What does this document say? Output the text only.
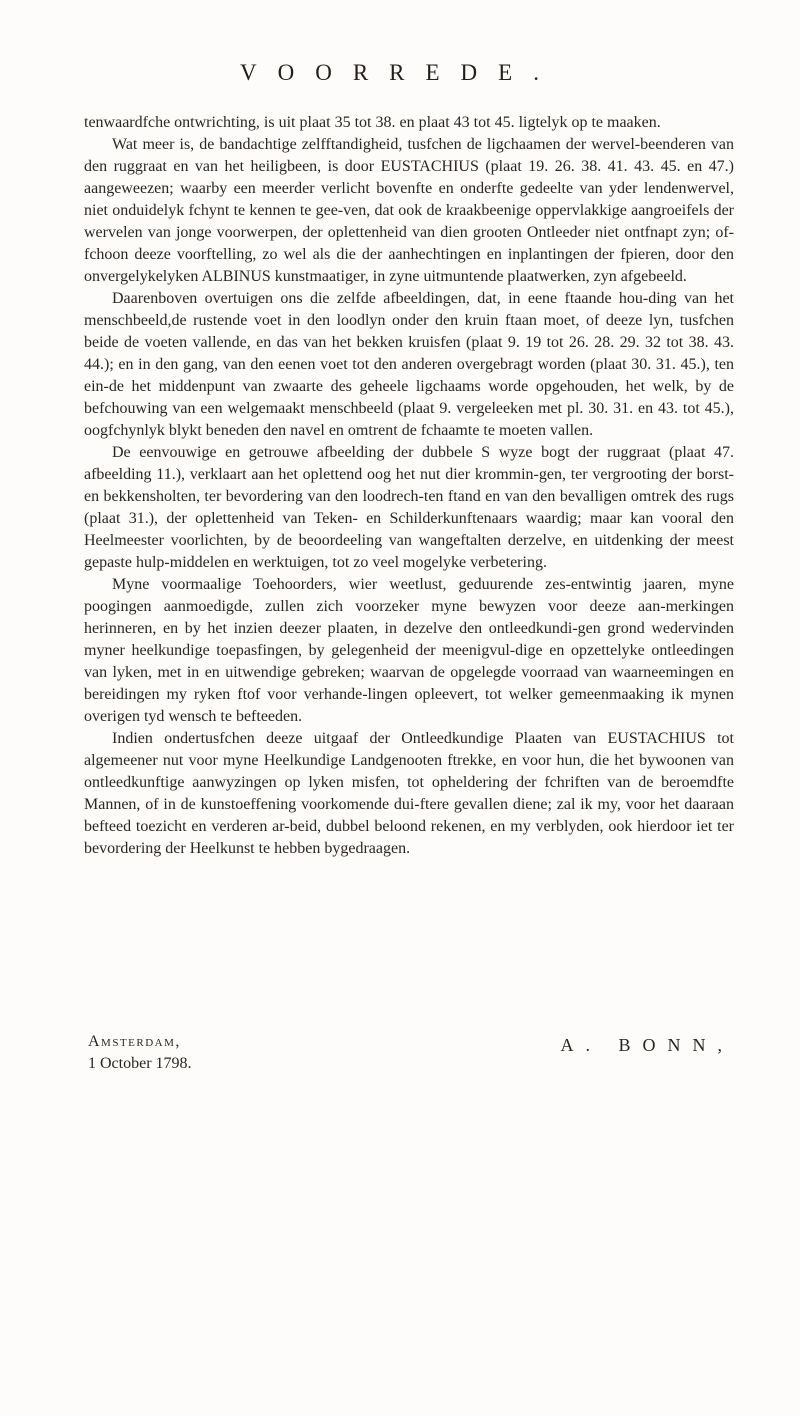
VOORREDE.

tenwaardfche ontwrichting, is uit plaat 35 tot 38. en plaat 43 tot 45. ligtelyk op te maaken.

Wat meer is, de bandachtige zelfftandigheid, tusfchen de ligchaamen der wervel-beenderen van den ruggraat en van het heiligbeen, is door EUSTACHIUS (plaat 19. 26. 38. 41. 43. 45. en 47.) aangeweezen; waarby een meerder verlicht bovenfte en onderfte gedeelte van yder lendenwervel, niet onduidelyk fchynt te kennen te gee-ven, dat ook de kraakbeenige oppervlakkige aangroeifels der wervelen van jonge voorwerpen, der oplettenheid van dien grooten Ontleeder niet ontfnapt zyn; of-fchoon deeze voorftelling, zo wel als die der aanhechtingen en inplantingen der fpieren, door den onvergelykelyken ALBINUS kunstmaatiger, in zyne uitmuntende plaatwerken, zyn afgebeeld.

Daarenboven overtuigen ons die zelfde afbeeldingen, dat, in eene ftaande hou-ding van het menschbeeld,de rustende voet in den loodlyn onder den kruin ftaan moet, of deeze lyn, tusfchen beide de voeten vallende, en das van het bekken kruisfen (plaat 9. 19 tot 26. 28. 29. 32 tot 38. 43. 44.); en in den gang, van den eenen voet tot den anderen overgebragt worden (plaat 30. 31. 45.), ten ein-de het middenpunt van zwaarte des geheele ligchaams worde opgehouden, het welk, by de befchouwing van een welgemaakt menschbeeld (plaat 9. vergeleeken met pl. 30. 31. en 43. tot 45.), oogfchynlyk blykt beneden den navel en omtrent de fchaamte te moeten vallen.

De eenvouwige en getrouwe afbeelding der dubbele S wyze bogt der ruggraat (plaat 47. afbeelding 11.), verklaart aan het oplettend oog het nut dier krommin-gen, ter vergrooting der borst- en bekkensholten, ter bevordering van den loodrech-ten ftand en van den bevalligen omtrek des rugs (plaat 31.), der oplettenheid van Teken- en Schilderkunftenaars waardig; maar kan vooral den Heelmeester voorlichten, by de beoordeeling van wangeftalten derzelve, en uitdenking der meest gepaste hulp-middelen en werktuigen, tot zo veel mogelyke verbetering.

Myne voormaalige Toehoorders, wier weetlust, geduurende zes-entwintig jaaren, myne poogingen aanmoedigde, zullen zich voorzeker myne bewyzen voor deeze aan-merkingen herinneren, en by het inzien deezer plaaten, in dezelve den ontleedkundi-gen grond wedervinden myner heelkundige toepasfingen, by gelegenheid der meenigvul-dige en opzettelyke ontleedingen van lyken, met in en uitwendige gebreken; waarvan de opgelegde voorraad van waarneemingen en bereidingen my ryken ftof voor verhande-lingen opleevert, tot welker gemeenmaaking ik mynen overigen tyd wensch te befteeden.

Indien ondertusfchen deeze uitgaaf der Ontleedkundige Plaaten van EUSTACHIUS tot algemeener nut voor myne Heelkundige Landgenooten ftrekke, en voor hun, die het bywoonen van ontleedkunftige aanwyzingen op lyken misfen, tot opheldering der fchriften van de beroemdfte Mannen, of in de kunstoeffening voorkomende dui-ftere gevallen diene; zal ik my, voor het daaraan befteed toezicht en verderen ar-beid, dubbel beloond rekenen, en my verblyden, ook hierdoor iet ter bevordering der Heelkunst te hebben bygedraagen.

Amsterdam,
1 October 1798.
A. BONN,
